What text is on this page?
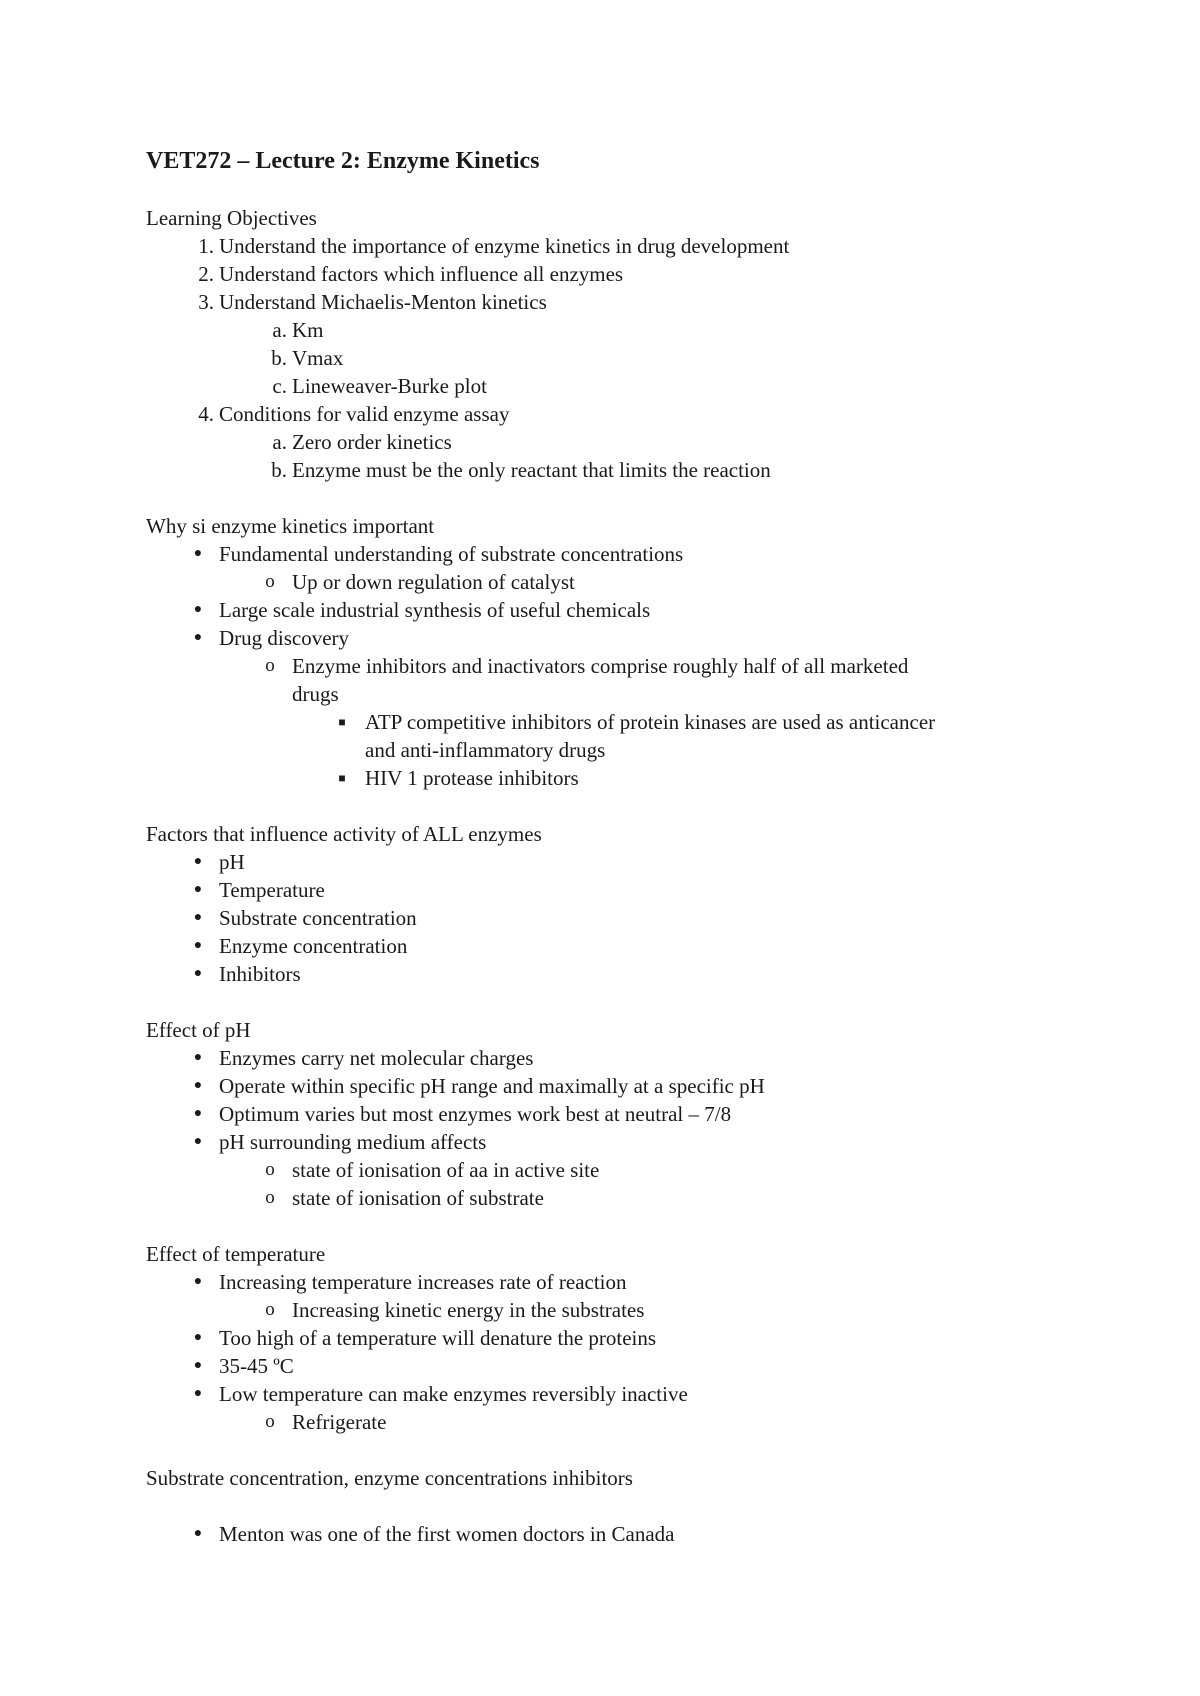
VET272 – Lecture 2: Enzyme Kinetics
Learning Objectives
1. Understand the importance of enzyme kinetics in drug development
2. Understand factors which influence all enzymes
3. Understand Michaelis-Menton kinetics
a. Km
b. Vmax
c. Lineweaver-Burke plot
4. Conditions for valid enzyme assay
a. Zero order kinetics
b. Enzyme must be the only reactant that limits the reaction
Why si enzyme kinetics important
● Fundamental understanding of substrate concentrations
o Up or down regulation of catalyst
● Large scale industrial synthesis of useful chemicals
● Drug discovery
o Enzyme inhibitors and inactivators comprise roughly half of all marketed
drugs
■ ATP competitive inhibitors of protein kinases are used as anticancer
and anti-inflammatory drugs
■ HIV 1 protease inhibitors
Factors that influence activity of ALL enzymes
● pH
● Temperature
● Substrate concentration
● Enzyme concentration
● Inhibitors
Effect of pH
● Enzymes carry net molecular charges
● Operate within specific pH range and maximally at a specific pH
● Optimum varies but most enzymes work best at neutral – 7/8
● pH surrounding medium affects
o state of ionisation of aa in active site
o state of ionisation of substrate
Effect of temperature
● Increasing temperature increases rate of reaction
o Increasing kinetic energy in the substrates
● Too high of a temperature will denature the proteins
● 35-45 ºC
● Low temperature can make enzymes reversibly inactive
o Refrigerate
Substrate concentration, enzyme concentrations inhibitors
● Menton was one of the first women doctors in Canada
